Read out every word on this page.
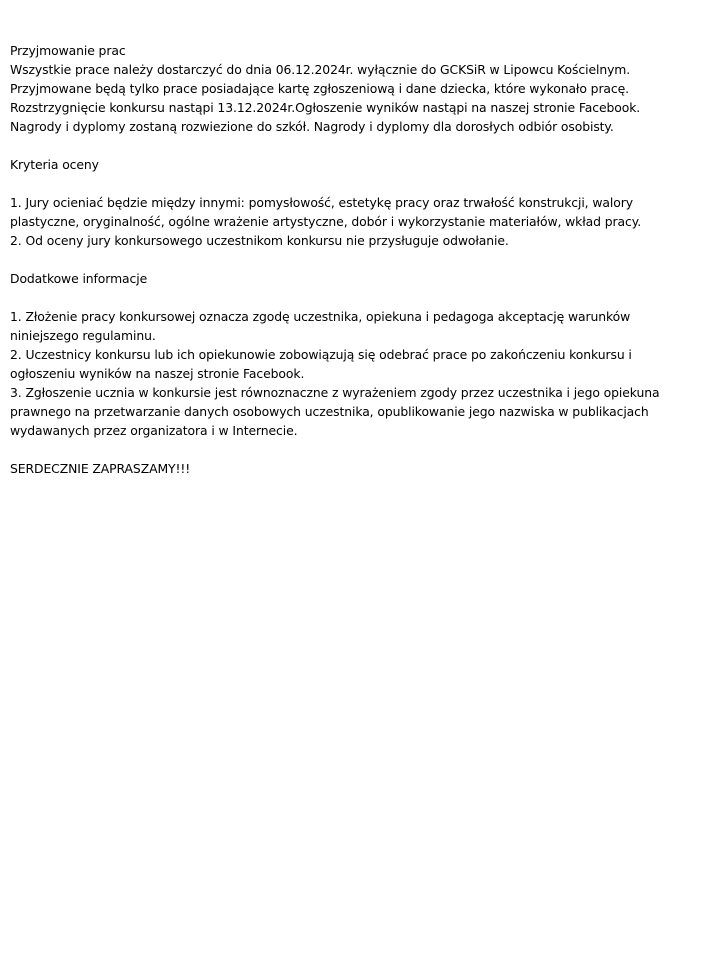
Przyjmowanie prac
Wszystkie prace należy dostarczyć do dnia 06.12.2024r. wyłącznie do GCKSiR w Lipowcu Kościelnym.
Przyjmowane będą tylko prace posiadające kartę zgłoszeniową i dane dziecka, które wykonało pracę.
Rozstrzygnięcie konkursu nastąpi 13.12.2024r.Ogłoszenie wyników nastąpi na naszej stronie Facebook.
Nagrody i dyplomy zostaną rozwiezione do szkół. Nagrody i dyplomy dla dorosłych odbiór osobisty.
Kryteria oceny
1. Jury ocieniać będzie między innymi: pomysłowość, estetykę pracy oraz trwałość konstrukcji, walory
plastyczne, oryginalność, ogólne wrażenie artystyczne, dobór i wykorzystanie materiałów, wkład pracy.
2. Od oceny jury konkursowego uczestnikom konkursu nie przysługuje odwołanie.
Dodatkowe informacje
1. Złożenie pracy konkursowej oznacza zgodę uczestnika, opiekuna i pedagoga akceptację warunków
niniejszego regulaminu.
2. Uczestnicy konkursu lub ich opiekunowie zobowiązują się odebrać prace po zakończeniu konkursu i
ogłoszeniu wyników na naszej stronie Facebook.
3. Zgłoszenie ucznia w konkursie jest równoznaczne z wyrażeniem zgody przez uczestnika i jego opiekuna
prawnego na przetwarzanie danych osobowych uczestnika, opublikowanie jego nazwiska w publikacjach
wydawanych przez organizatora i w Internecie.
SERDECZNIE ZAPRASZAMY!!!
